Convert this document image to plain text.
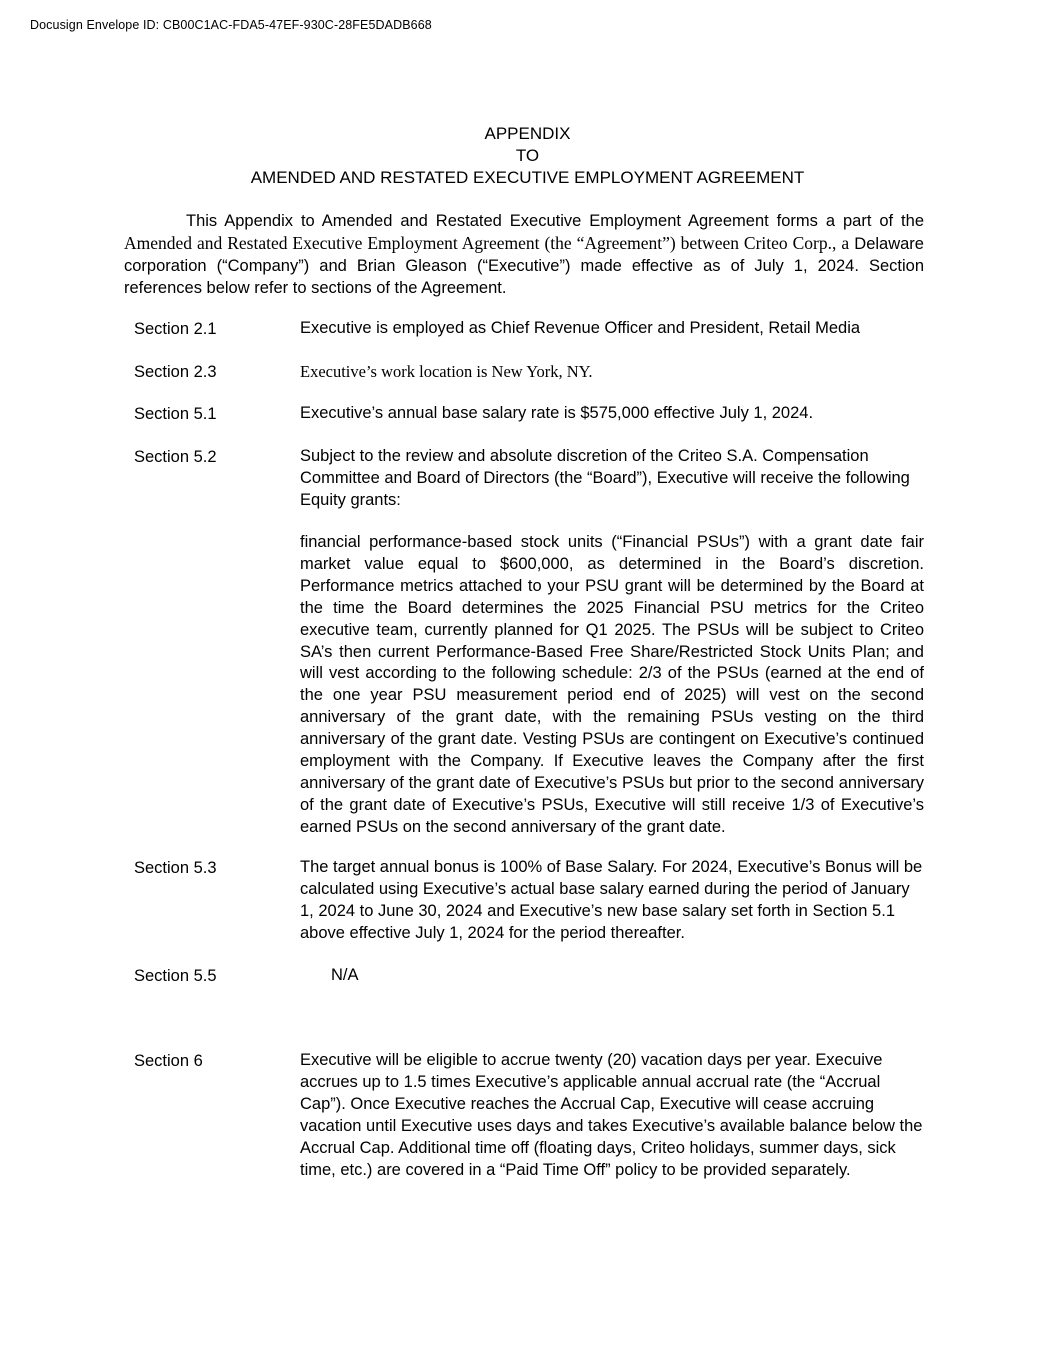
Docusign Envelope ID: CB00C1AC-FDA5-47EF-930C-28FE5DADB668
APPENDIX
TO
AMENDED AND RESTATED EXECUTIVE EMPLOYMENT AGREEMENT
This Appendix to Amended and Restated Executive Employment Agreement forms a part of the Amended and Restated Executive Employment Agreement (the “Agreement”) between Criteo Corp., a Delaware corporation (“Company”) and Brian Gleason (“Executive”) made effective as of July 1, 2024. Section references below refer to sections of the Agreement.
Section 2.1	Executive is employed as Chief Revenue Officer and President, Retail Media
Section 2.3	Executive’s work location is New York, NY.
Section 5.1	Executive’s annual base salary rate is $575,000 effective July 1, 2024.
Section 5.2	Subject to the review and absolute discretion of the Criteo S.A. Compensation Committee and Board of Directors (the “Board”), Executive will receive the following Equity grants:

financial performance-based stock units (“Financial PSUs”) with a grant date fair market value equal to $600,000, as determined in the Board’s discretion. Performance metrics attached to your PSU grant will be determined by the Board at the time the Board determines the 2025 Financial PSU metrics for the Criteo executive team, currently planned for Q1 2025. The PSUs will be subject to Criteo SA’s then current Performance-Based Free Share/Restricted Stock Units Plan; and will vest according to the following schedule: 2/3 of the PSUs (earned at the end of the one year PSU measurement period end of 2025) will vest on the second anniversary of the grant date, with the remaining PSUs vesting on the third anniversary of the grant date. Vesting PSUs are contingent on Executive’s continued employment with the Company. If Executive leaves the Company after the first anniversary of the grant date of Executive’s PSUs but prior to the second anniversary of the grant date of Executive’s PSUs, Executive will still receive 1/3 of Executive’s earned PSUs on the second anniversary of the grant date.

Section 5.3	The target annual bonus is 100% of Base Salary. For 2024, Executive’s Bonus will be calculated using Executive’s actual base salary earned during the period of January 1, 2024 to June 30, 2024 and Executive’s new base salary set forth in Section 5.1 above effective July 1, 2024 for the period thereafter.
Section 5.5	N/A
Section 6	Executive will be eligible to accrue twenty (20) vacation days per year. Execuive accrues up to 1.5 times Executive’s applicable annual accrual rate (the “Accrual Cap”). Once Executive reaches the Accrual Cap, Executive will cease accruing vacation until Executive uses days and takes Executive’s available balance below the Accrual Cap. Additional time off (floating days, Criteo holidays, summer days, sick time, etc.) are covered in a “Paid Time Off” policy to be provided separately.
